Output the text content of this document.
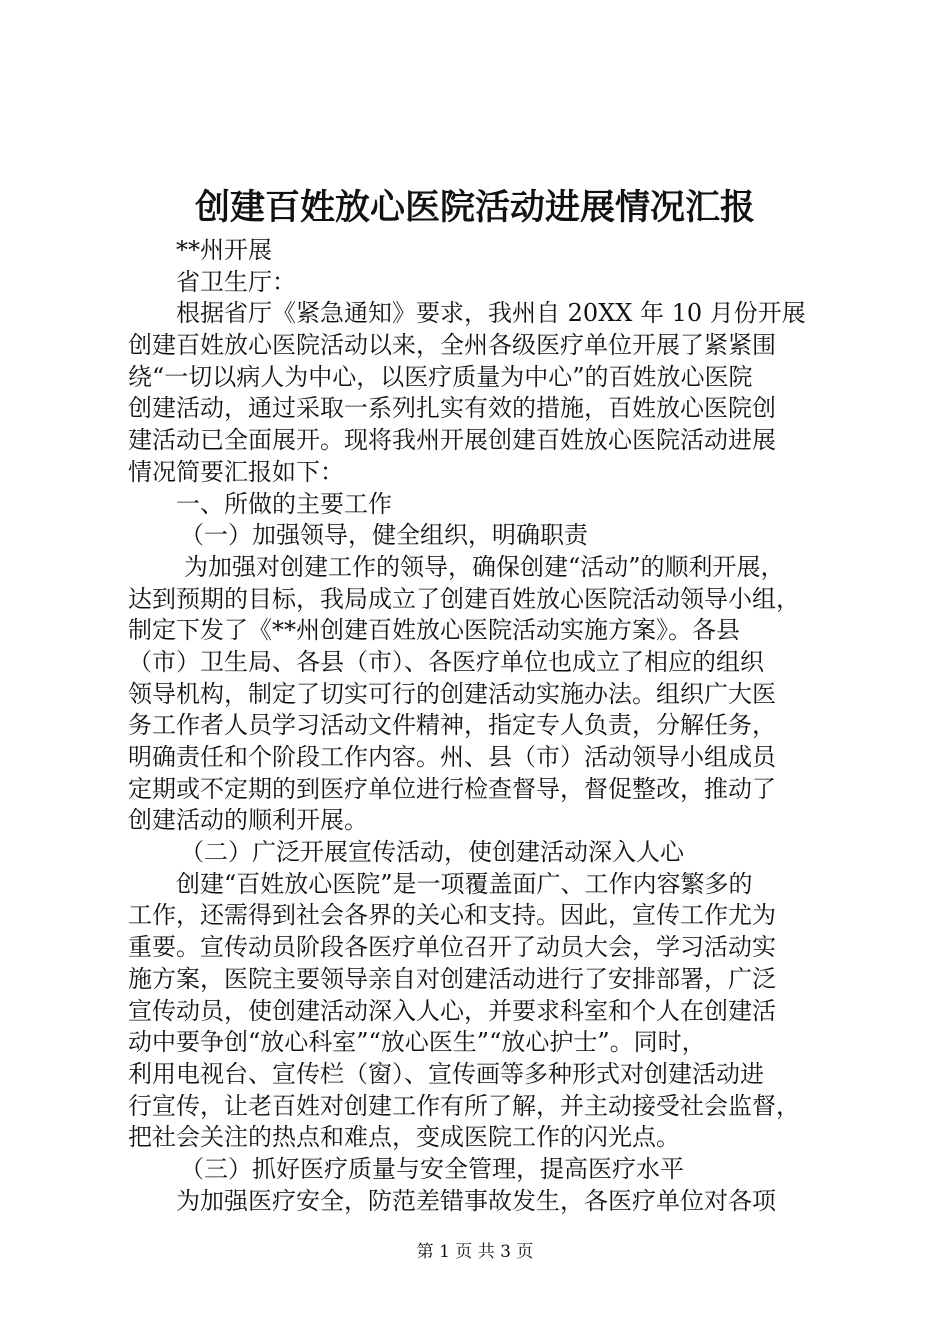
创建百姓放心医院活动进展情况汇报
**州开展
省卫生厅：
根据省厅《紧急通知》要求，我州自 20XX 年 10 月份开展
创建百姓放心医院活动以来，全州各级医疗单位开展了紧紧围
绕“一切以病人为中心，以医疗质量为中心”的百姓放心医院
创建活动，通过采取一系列扎实有效的措施，百姓放心医院创
建活动已全面展开。现将我州开展创建百姓放心医院活动进展
情况简要汇报如下：
一、所做的主要工作
（一）加强领导，健全组织，明确职责
为加强对创建工作的领导，确保创建“活动”的顺利开展，
达到预期的目标，我局成立了创建百姓放心医院活动领导小组，
制定下发了《**州创建百姓放心医院活动实施方案》。各县
（市）卫生局、各县（市）、各医疗单位也成立了相应的组织
领导机构，制定了切实可行的创建活动实施办法。组织广大医
务工作者人员学习活动文件精神，指定专人负责，分解任务，
明确责任和个阶段工作内容。州、县（市）活动领导小组成员
定期或不定期的到医疗单位进行检查督导，督促整改，推动了
创建活动的顺利开展。
（二）广泛开展宣传活动，使创建活动深入人心
创建“百姓放心医院”是一项覆盖面广、工作内容繁多的
工作，还需得到社会各界的关心和支持。因此，宣传工作尤为
重要。宣传动员阶段各医疗单位召开了动员大会，学习活动实
施方案，医院主要领导亲自对创建活动进行了安排部署，广泛
宣传动员，使创建活动深入人心，并要求科室和个人在创建活
动中要争创“放心科室”“放心医生”“放心护士”。同时，
利用电视台、宣传栏（窗）、宣传画等多种形式对创建活动进
行宣传，让老百姓对创建工作有所了解，并主动接受社会监督，
把社会关注的热点和难点，变成医院工作的闪光点。
（三）抓好医疗质量与安全管理，提高医疗水平
为加强医疗安全，防范差错事故发生，各医疗单位对各项
第 1 页 共 3 页
